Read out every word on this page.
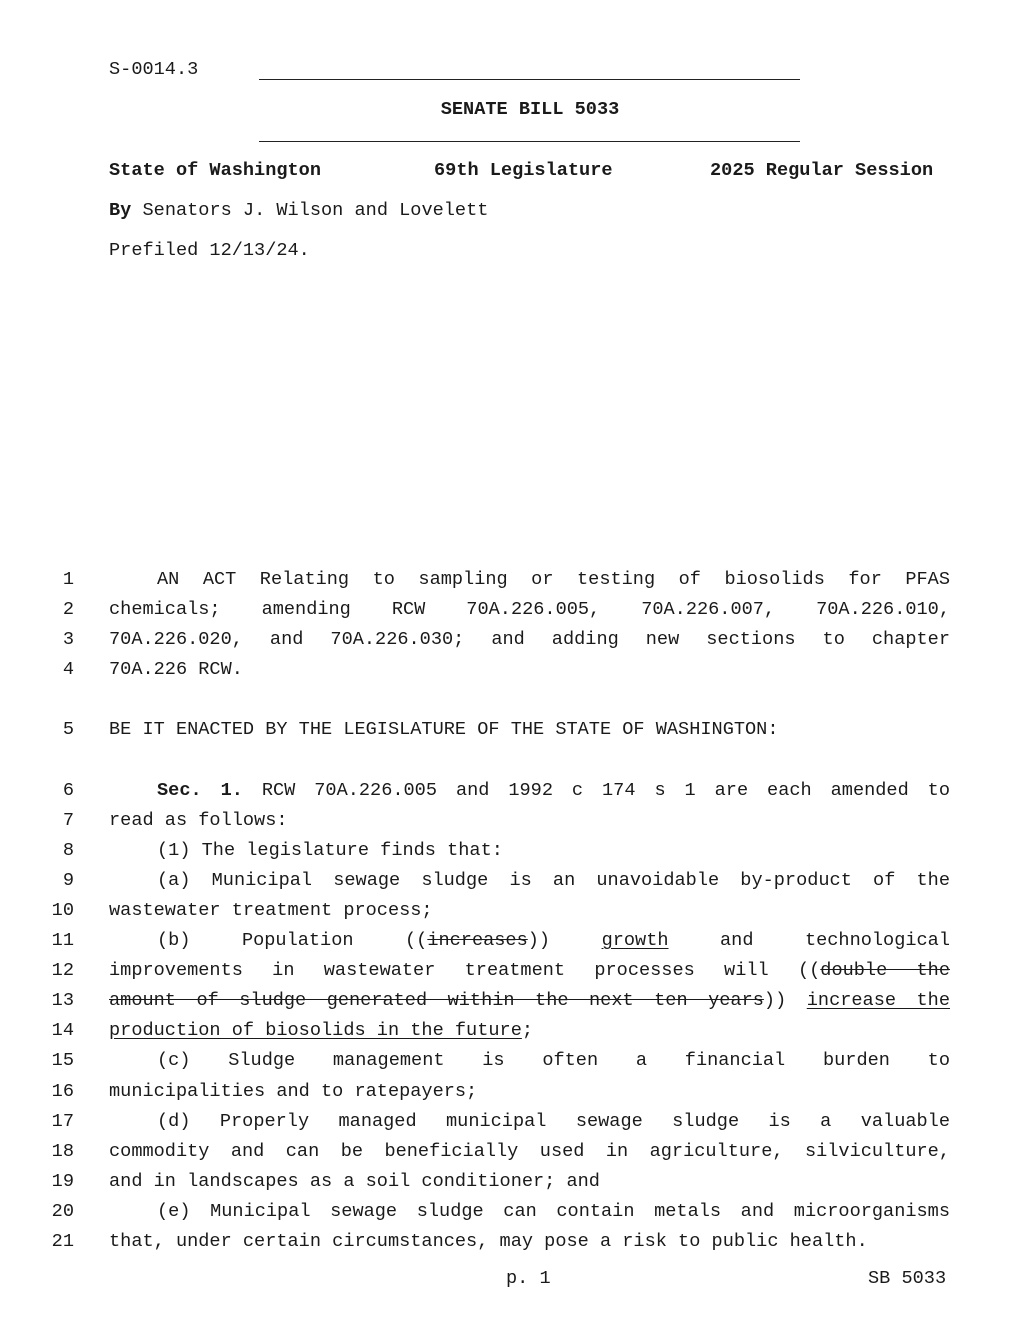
S-0014.3
SENATE BILL 5033
State of Washington	69th Legislature	2025 Regular Session
By Senators J. Wilson and Lovelett
Prefiled 12/13/24.
1
2
3
4
5
6
7
8
9
10
11
12
13
14
15
16
17
18
19
20
21
AN ACT Relating to sampling or testing of biosolids for PFAS
chemicals; amending RCW 70A.226.005, 70A.226.007, 70A.226.010,
70A.226.020, and 70A.226.030; and adding new sections to chapter
70A.226 RCW.
BE IT ENACTED BY THE LEGISLATURE OF THE STATE OF WASHINGTON:
Sec. 1. RCW 70A.226.005 and 1992 c 174 s 1 are each amended to
read as follows:
(1) The legislature finds that:
(a) Municipal sewage sludge is an unavoidable by-product of the
wastewater treatment process;
(b) Population ((increases))	growth	and technological
improvements in wastewater treatment processes will ((double the
amount of sludge generated within the next ten years)) increase the
production of biosolids in the future;
(c) Sludge management is often a financial burden to
municipalities and to ratepayers;
(d) Properly managed municipal sewage sludge is a valuable
commodity and can be beneficially used in agriculture, silviculture,
and in landscapes as a soil conditioner; and
(e) Municipal sewage sludge can contain metals and microorganisms
that, under certain circumstances, may pose a risk to public health.
p. 1	SB 5033
